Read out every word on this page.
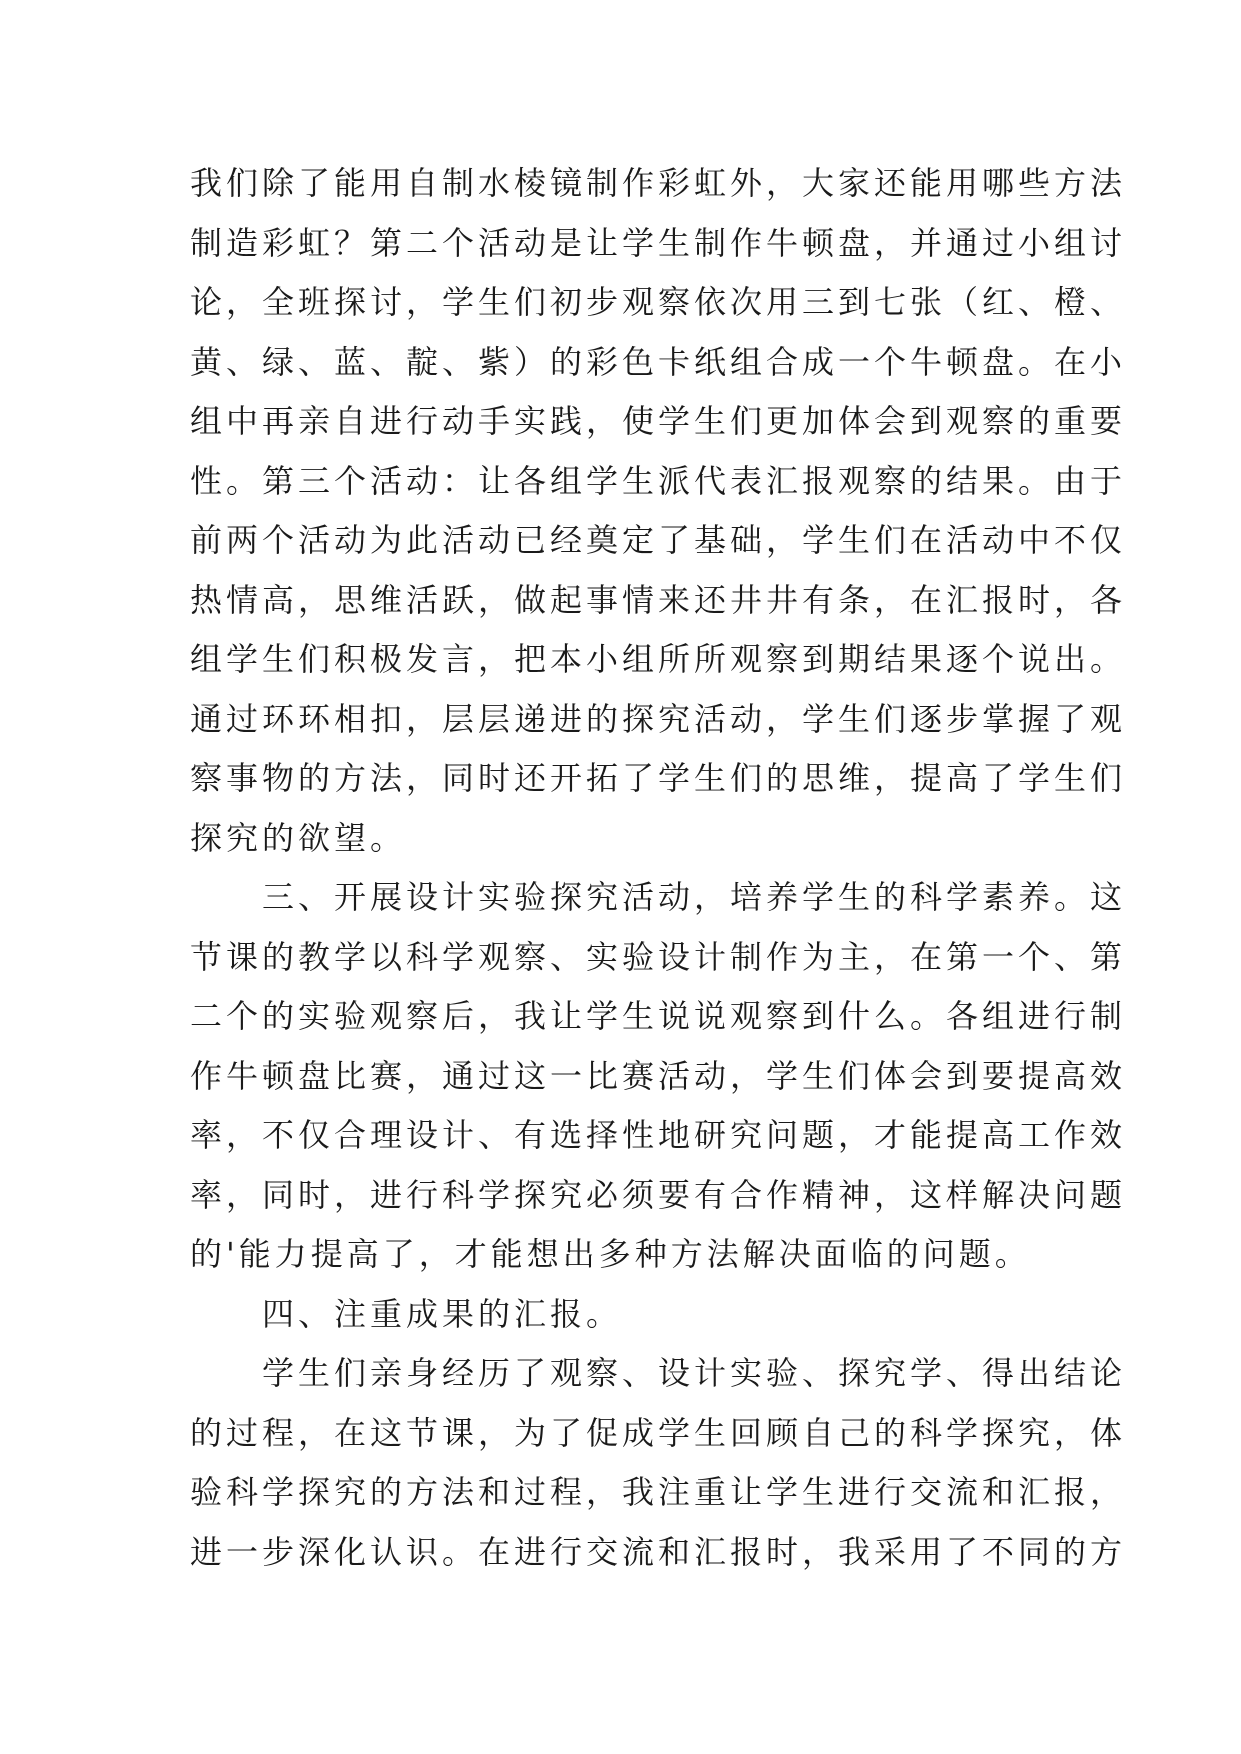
我们除了能用自制水棱镜制作彩虹外，大家还能用哪些方法
制造彩虹？第二个活动是让学生制作牛顿盘，并通过小组讨
论，全班探讨，学生们初步观察依次用三到七张（红、橙、
黄、绿、蓝、靛、紫）的彩色卡纸组合成一个牛顿盘。在小
组中再亲自进行动手实践，使学生们更加体会到观察的重要
性。第三个活动：让各组学生派代表汇报观察的结果。由于
前两个活动为此活动已经奠定了基础，学生们在活动中不仅
热情高，思维活跃，做起事情来还井井有条，在汇报时，各
组学生们积极发言，把本小组所所观察到期结果逐个说出。
通过环环相扣，层层递进的探究活动，学生们逐步掌握了观
察事物的方法，同时还开拓了学生们的思维，提高了学生们
探究的欲望。
三、开展设计实验探究活动，培养学生的科学素养。这
节课的教学以科学观察、实验设计制作为主，在第一个、第
二个的实验观察后，我让学生说说观察到什么。各组进行制
作牛顿盘比赛，通过这一比赛活动，学生们体会到要提高效
率，不仅合理设计、有选择性地研究问题，才能提高工作效
率，同时，进行科学探究必须要有合作精神，这样解决问题
的'能力提高了，才能想出多种方法解决面临的问题。
四、注重成果的汇报。
学生们亲身经历了观察、设计实验、探究学、得出结论
的过程，在这节课，为了促成学生回顾自己的科学探究，体
验科学探究的方法和过程，我注重让学生进行交流和汇报，
进一步深化认识。在进行交流和汇报时，我采用了不同的方
